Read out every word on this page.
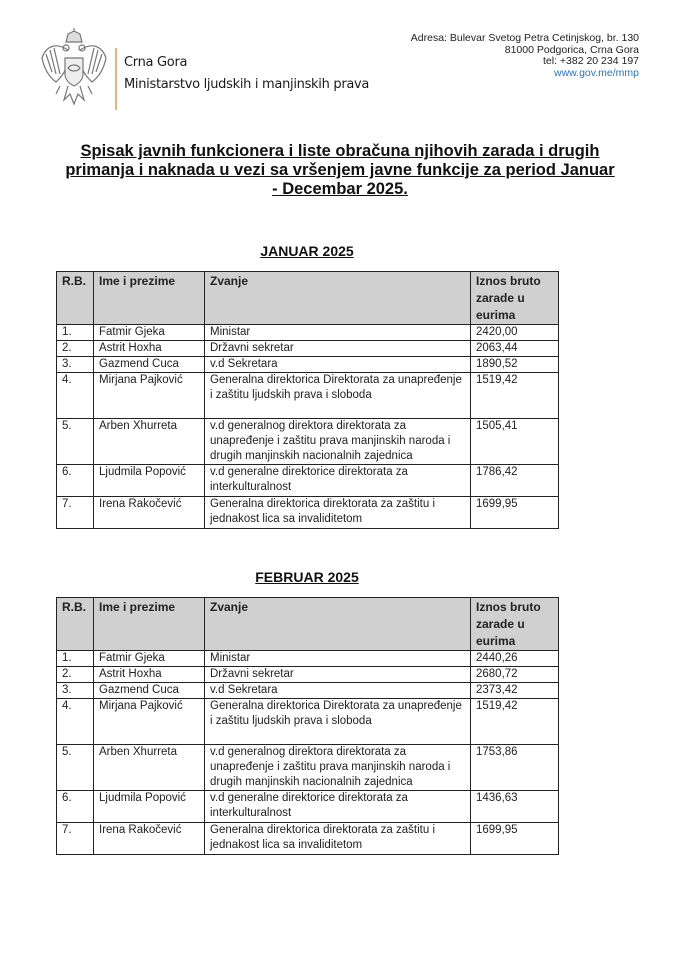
Crna Gora
Ministarstvo ljudskih i manjinskih prava
Adresa: Bulevar Svetog Petra Cetinjskog, br. 130
81000 Podgorica, Crna Gora
tel: +382 20 234 197
www.gov.me/mmp
Spisak javnih funkcionera i liste obračuna njihovih zarada i drugih
primanja i naknada u vezi sa vršenjem javne funkcije za period Januar
- Decembar 2025.
JANUAR 2025
R.B.	Ime i prezime	Zvanje	Iznos bruto zarade u eurima
1.	Fatmir Gjeka	Ministar	2420,00
2.	Astrit Hoxha	Državni sekretar	2063,44
3.	Gazmend Cuca	v.d Sekretara	1890,52
4.	Mirjana Pajković	Generalna direktorica Direktorata za unapređenje i zaštitu ljudskih prava i sloboda	1519,42
5.	Arben Xhurreta	v.d generalnog direktora direktorata za unapređenje i zaštitu prava manjinskih naroda i drugih manjinskih nacionalnih zajednica	1505,41
6.	Ljudmila Popović	v.d generalne direktorice direktorata za interkulturalnost	1786,42
7.	Irena Rakočević	Generalna direktorica direktorata za zaštitu i jednakost lica sa invaliditetom	1699,95
FEBRUAR 2025
R.B.	Ime i prezime	Zvanje	Iznos bruto zarade u eurima
1.	Fatmir Gjeka	Ministar	2440,26
2.	Astrit Hoxha	Državni sekretar	2680,72
3.	Gazmend Cuca	v.d Sekretara	2373,42
4.	Mirjana Pajković	Generalna direktorica Direktorata za unapređenje i zaštitu ljudskih prava i sloboda	1519,42
5.	Arben Xhurreta	v.d generalnog direktora direktorata za unapređenje i zaštitu prava manjinskih naroda i drugih manjinskih nacionalnih zajednica	1753,86
6.	Ljudmila Popović	v.d generalne direktorice direktorata za interkulturalnost	1436,63
7.	Irena Rakočević	Generalna direktorica direktorata za zaštitu i jednakost lica sa invaliditetom	1699,95
